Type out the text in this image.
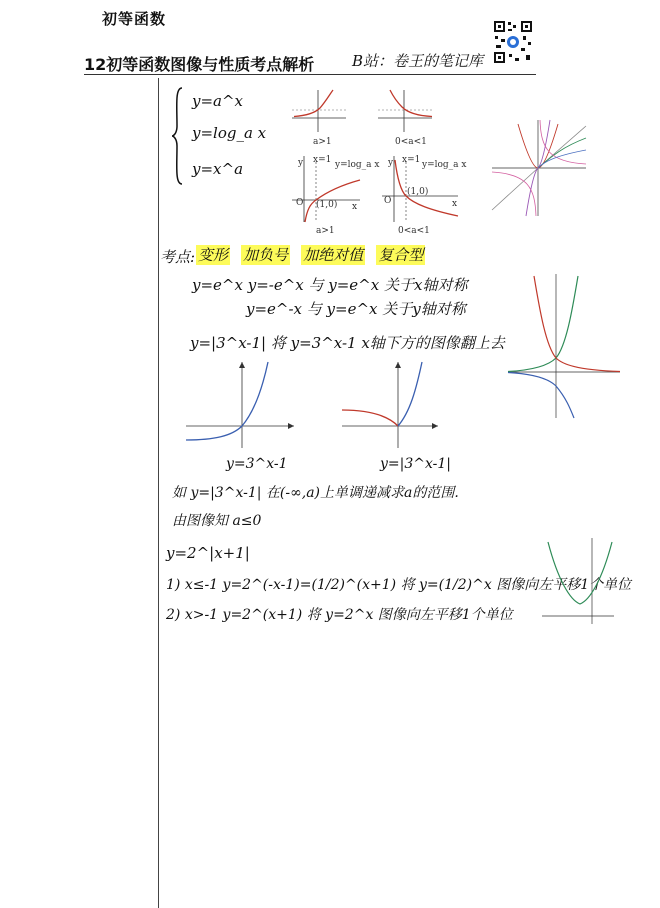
初等函数
12初等函数图像与性质考点解析	B站：卷王的笔记库
y=a^x
y=log_a x
y=x^a
a>1	0<a<1
x=1 y=log_a x
(1,0)
O	x
y
a>1
x=1 y=log_a x
(1,0)
O	x
y
0<a<1
考点: 变形 加负号 加绝对值 复合型
y=e^x y=-e^x 与 y=e^x 关于x轴对称
y=e^-x 与 y=e^x 关于y轴对称
y=|3^x-1| 将 y=3^x-1 x轴下方的图像翻上去
y=3^x-1	y=|3^x-1|
如 y=|3^x-1| 在(-∞,a)上单调递减求a的范围.
由图像知 a≤0
y=2^|x+1|
1) x≤-1 y=2^(-x-1)=(1/2)^(x+1) 将 y=(1/2)^x 图像向左平移1个单位
2) x>-1 y=2^(x+1) 将 y=2^x 图像向左平移1个单位
